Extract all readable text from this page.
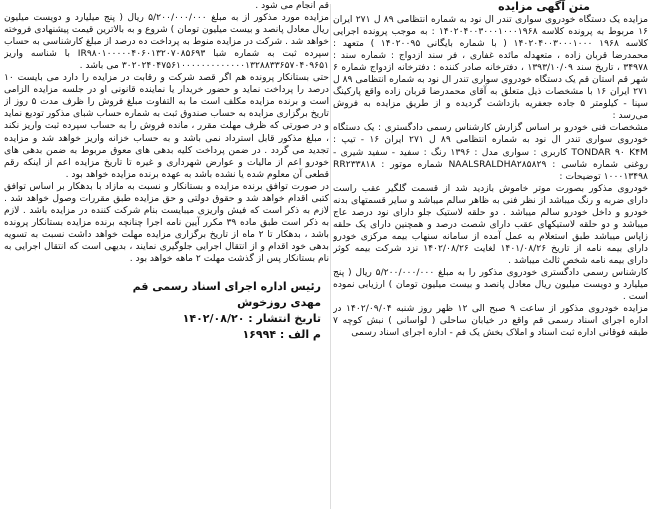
متن آگهی مزایده

مزایده یک دستگاه خودروی سواری تندر ال نود به شماره انتظامی ۸۹ ل ۲۷۱ ایران ۱۶ مربوط به پرونده کلاسه ۱۴۰۲۰۴۰۰۳۰۰۰۱۰۰۰۱۹۶۸ : به موجب پرونده اجرایی کلاسه ۱۹۶۸ ۱۴۰۲۰۴۰۰۳۰۰۰۱۰۰۰ ( با شماره بایگانی ۱۴۰۲۰۰۹۵ ) متعهد : محمدرضا قربان زاده ، متعهدله مائده غفاری ، فر سند ازدواج : شماره سند : ۳۴۹۷۸ ، تاریخ سند ۱۳۹۳/۱۰/۰۹ ، دفترخانه صادر کننده : دفترخانه ازدواج شماره ۶ شهر قم استان قم یک دستگاه خودروی سواری تندر ال نود به شماره انتظامی ۸۹ ل ۲۷۱ ایران ۱۶ با مشخصات ذیل متعلق به آقای محمدرضا قربان زاده واقع پارکینگ سپنا - کیلومتر ۵ جاده جعفریه بازداشت گردیده و از طریق مزایده به فروش می‌رسد :

مشخصات فنی خودرو بر اساس گزارش کارشناس رسمی دادگستری : یک دستگاه خودروی سواری تندر ال نود به شماره انتظامی ۸۹ ل ۲۷۱ ایران ۱۶ - تیپ : TONDAR ۹۰ K۴M کاربری : سواری مدل : ۱۳۹۶ رنگ : سفید - سفید شیری - روغنی شماره شاسی : NAALSRALDHA۲۸۵۸۲۹ شماره موتور : RR۲۳۳۸۱۸ ۱۰۰۰۱۳۴۹۸ توضیحات :

خودروی مذکور بصورت موتر خاموش بازدید شد از قسمت گلگیر عقب راست دارای ضربه و رنگ میباشد از نظر فنی به ظاهر سالم میباشد و سایر قسمتهای بدنه خودرو و داخل خودرو سالم میباشد . دو حلقه لاستیک جلو دارای نود درصد عاج میباشد و دو حلقه لاستیکهای عقب دارای شصت درصد و همچنین دارای یک حلقه زاپاس میباشد طبق استعلام به عمل آمده از سامانه سنهاب بیمه مرکزی خودرو دارای بیمه نامه از تاریخ ۱۴۰۱/۰۸/۲۶ لغایت ۱۴۰۲/۰۸/۲۶ نزد شرکت بیمه کوثر دارای بیمه نامه شخص ثالث میباشد .

کارشناس رسمی دادگستری خودروی مذکور را به مبلغ ۵/۲۰۰/۰۰۰/۰۰۰ ریال ( پنج میلیارد و دویست میلیون ریال معادل پانصد و بیست میلیون تومان ) ارزیابی نموده است .

مزایده خودروی مذکور از ساعت ۹ صبح الی ۱۲ ظهر روز شنبه ۱۴۰۲/۰۹/۰۴ در اداره اجرای اسناد رسمی قم واقع در خیابان ساحلی ( لواسانی ) نبش کوچه ۷ طبقه فوقانی اداره ثبت اسناد و املاک بخش یک قم - اداره اجرای اسناد رسمی

قم انجام می شود .

مزایده مورد مذکور از به مبلغ ۵/۲۰۰/۰۰۰/۰۰۰ ریال ( پنج میلیارد و دویست میلیون ریال معادل پانصد و بیست میلیون تومان ) شروع و به بالاترین قیمت پیشنهادی فروخته خواهد شد . شرکت در مزایده منوط به پرداخت ده درصد از مبلغ کارشناسی به حساب سپرده ثبت به شماره شبا IR۹۸۰۱۰۰۰۰۰۴۰۶۰۱۳۲۰۷۰۸۵۶۹۳ با شناسه واریز ۳۰۲۰۲۴۰۴۷۵۶۱۰۰۰۰۰۰۰۰۰۰۰۰۰۱۳۲۸۸۳۳۶۵۷۰۴۰۹۶۵۱ می باشد .

حتی بستانکار پرونده هم اگر قصد شرکت و رقابت در مزایده را دارد می بایست ۱۰ درصد را پرداخت نماید و حضور خریدار یا نماینده قانونی او در جلسه مزایده الزامی است و برنده مزایده مکلف است ما به التفاوت مبلغ فروش را ظرف مدت ۵ روز از تاریخ برگزاری مزایده به حساب صندوق ثبت به شماره حساب شبای مذکور تودیع نماید و در صورتی که ظرف مهلت مقرر ، مانده فروش را به حساب سپرده ثبت واریز نکند ، مبلغ مذکور قابل استرداد نمی باشد و به حساب خزانه واریز خواهد شد و مزایده تجدید می گردد . در ضمن پرداخت کلیه بدهی های معوق مربوط به ضمن بدهی های خودرو اعم از مالیات و عوارض شهرداری و غیره تا تاریخ مزایده اعم از اینکه رقم قطعی آن معلوم شده یا نشده باشد به عهده برنده مزایده خواهد بود .

در صورت توافق برنده مزایده و بستانکار و نسبت به مازاد با بدهکار بر اساس توافق کتبی اقدام خواهد شد و حقوق دولتی و حق مزایده طبق مقررات وصول خواهد شد . لازم به ذکر است که فیش واریزی میبایست بنام شرکت کننده در مزایده باشد . لازم به ذکر است طبق ماده ۳۹ مکرر آیین نامه اجرا چنانچه برنده مزایده بستانکار پرونده باشد ، بدهکار تا ۲ ماه از تاریخ برگزاری مزایده مهلت خواهد داشت نسبت به تسویه بدهی خود اقدام و از انتقال اجرایی جلوگیری نمایند ، بدیهی است که انتقال اجرایی به نام بستانکار پس از گذشت مهلت ۲ ماهه خواهد بود .

رئیس اداره اجرای اسناد رسمی قم
مهدی روزخوش
تاریخ انتشار : ۱۴۰۲/۰۸/۲۰
م الف : ۱۶۹۹۴
